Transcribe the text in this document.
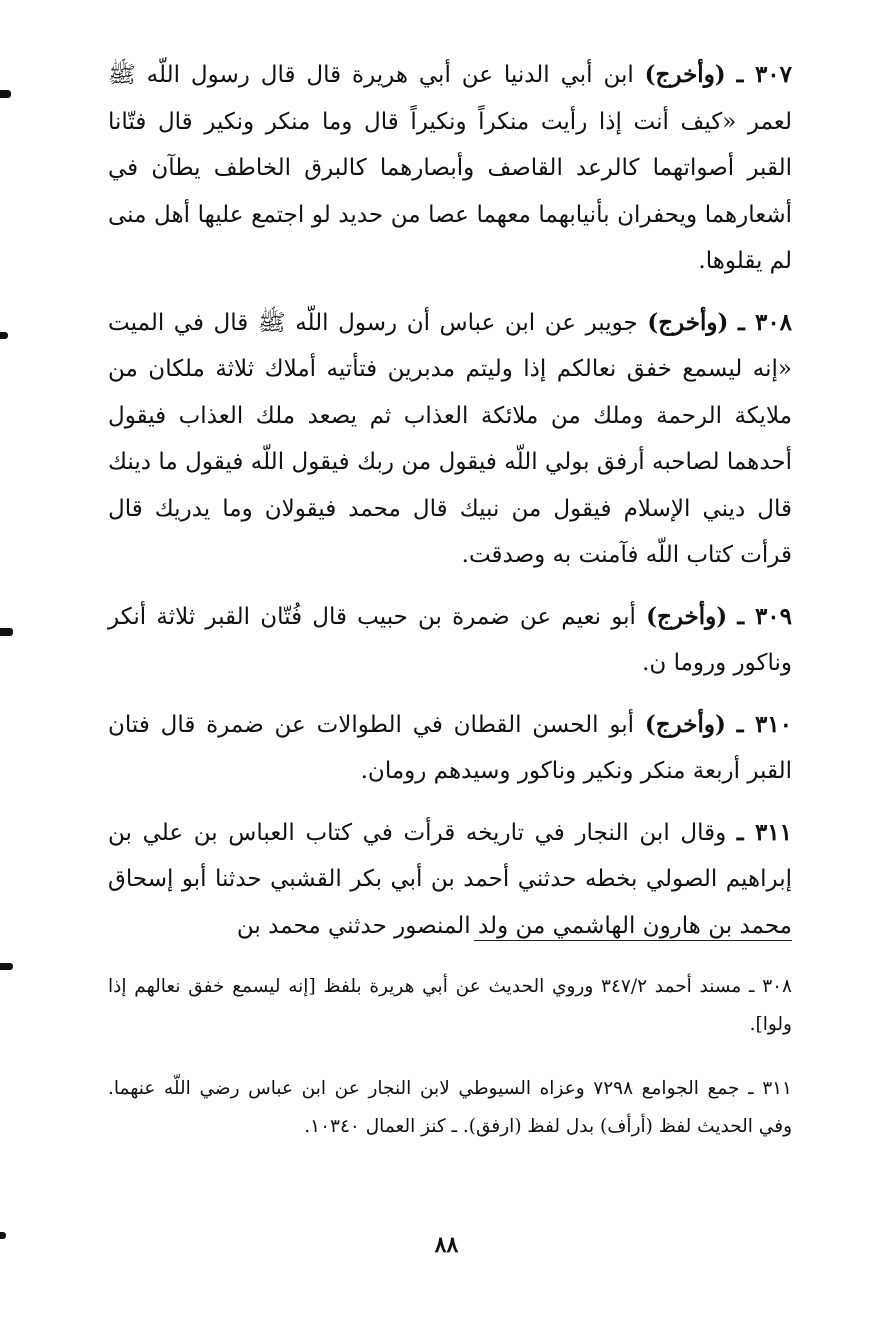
٣٠٧ ـ (وأخرج) ابن أبي الدنيا عن أبي هريرة قال قال رسول اللّه ﷺ لعمر «كيف أنت إذا رأيت منكراً ونكيراً قال وما منكر ونكير قال فتّانا القبر أصواتهما كالرعد القاصف وأبصارهما كالبرق الخاطف يطآن في أشعارهما ويحفران بأنيابهما معهما عصا من حديد لو اجتمع عليها أهل منى لم يقلوها.

٣٠٨ ـ (وأخرج) جويبر عن ابن عباس أن رسول اللّه ﷺ قال في الميت «إنه ليسمع خفق نعالكم إذا وليتم مدبرين فتأتيه أملاك ثلاثة ملكان من ملايكة الرحمة وملك من ملائكة العذاب ثم يصعد ملك العذاب فيقول أحدهما لصاحبه أرفق بولي اللّه فيقول من ربك فيقول اللّه فيقول ما دينك قال ديني الإسلام فيقول من نبيك قال محمد فيقولان وما يدريك قال قرأت كتاب اللّه فآمنت به وصدقت.

٣٠٩ ـ (وأخرج) أبو نعيم عن ضمرة بن حبيب قال فُتّان القبر ثلاثة أنكر وناكور وروما ن.

٣١٠ ـ (وأخرج) أبو الحسن القطان في الطوالات عن ضمرة قال فتان القبر أربعة منكر ونكير وناكور وسيدهم رومان.

٣١١ ـ وقال ابن النجار في تاريخه قرأت في كتاب العباس بن علي بن إبراهيم الصولي بخطه حدثني أحمد بن أبي بكر القشبي حدثنا أبو إسحاق محمد بن هارون الهاشمي من ولد المنصور حدثني محمد بن

٣٠٨ ـ مسند أحمد ٣٤٧/٢ وروي الحديث عن أبي هريرة بلفظ [إنه ليسمع خفق نعالهم إذا ولوا].

٣١١ ـ جمع الجوامع ٧٢٩٨ وعزاه السيوطي لابن النجار عن ابن عباس رضي اللّه عنهما. وفي الحديث لفظ (أرأف) بدل لفظ (ارفق). ـ كنز العمال ١٠٣٤٠.

٨٨
